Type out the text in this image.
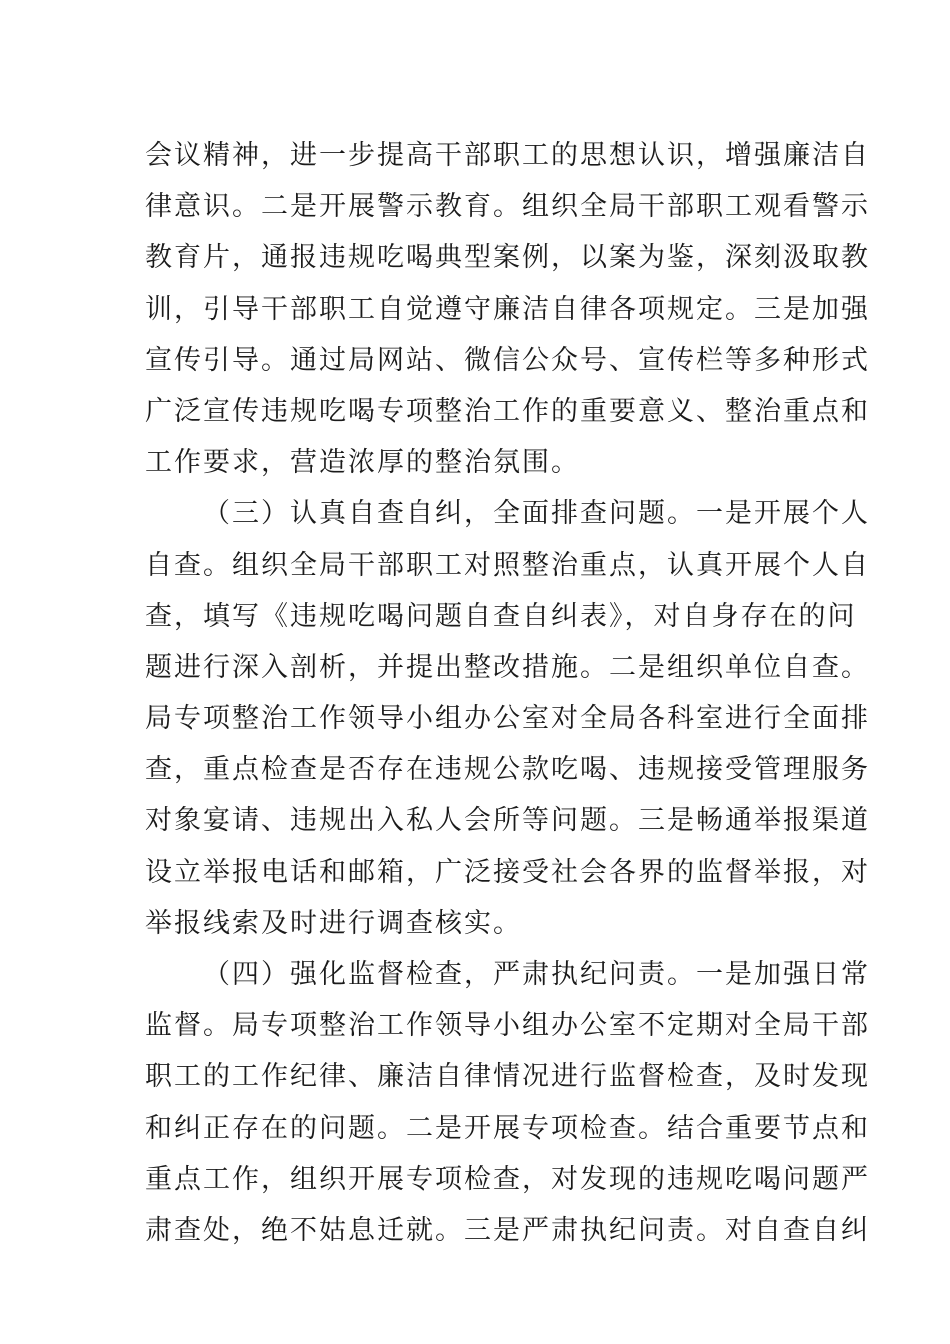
会议精神，进一步提高干部职工的思想认识，增强廉洁自
律意识。二是开展警示教育。组织全局干部职工观看警示
教育片，通报违规吃喝典型案例，以案为鉴，深刻汲取教
训，引导干部职工自觉遵守廉洁自律各项规定。三是加强
宣传引导。通过局网站、微信公众号、宣传栏等多种形式
广泛宣传违规吃喝专项整治工作的重要意义、整治重点和
工作要求，营造浓厚的整治氛围。
（三）认真自查自纠，全面排查问题。一是开展个人
自查。组织全局干部职工对照整治重点，认真开展个人自
查，填写《违规吃喝问题自查自纠表》，对自身存在的问
题进行深入剖析，并提出整改措施。二是组织单位自查。
局专项整治工作领导小组办公室对全局各科室进行全面排
查，重点检查是否存在违规公款吃喝、违规接受管理服务
对象宴请、违规出入私人会所等问题。三是畅通举报渠道
设立举报电话和邮箱，广泛接受社会各界的监督举报，对
举报线索及时进行调查核实。
（四）强化监督检查，严肃执纪问责。一是加强日常
监督。局专项整治工作领导小组办公室不定期对全局干部
职工的工作纪律、廉洁自律情况进行监督检查，及时发现
和纠正存在的问题。二是开展专项检查。结合重要节点和
重点工作，组织开展专项检查，对发现的违规吃喝问题严
肃查处，绝不姑息迁就。三是严肃执纪问责。对自查自纠
